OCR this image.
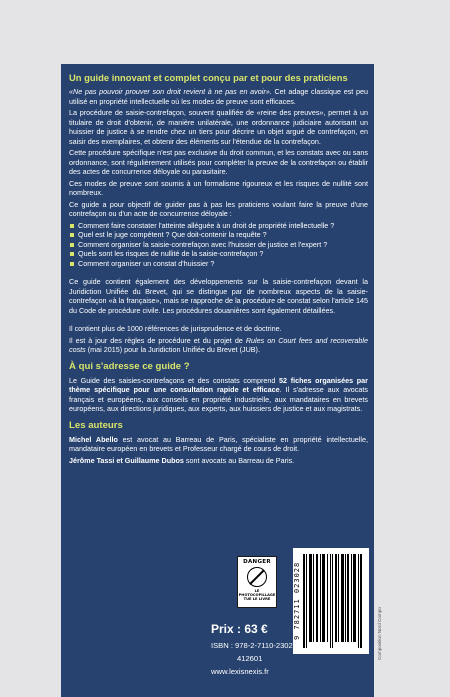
Un guide innovant et complet conçu par et pour des praticiens

«Ne pas pouvoir prouver son droit revient à ne pas en avoir». Cet adage classique est peu utilisé en propriété intellectuelle où les modes de preuve sont efficaces.

La procédure de saisie-contrefaçon, souvent qualifiée de «reine des preuves», permet à un titulaire de droit d'obtenir, de manière unilatérale, une ordonnance judiciaire autorisant un huissier de justice à se rendre chez un tiers pour décrire un objet argué de contrefaçon, en saisir des exemplaires, et obtenir des éléments sur l'étendue de la contrefaçon.

Cette procédure spécifique n'est pas exclusive du droit commun, et les constats avec ou sans ordonnance, sont régulièrement utilisés pour compléter la preuve de la contrefaçon ou établir des actes de concurrence déloyale ou parasitaire.

Ces modes de preuve sont soumis à un formalisme rigoureux et les risques de nullité sont nombreux.

Ce guide a pour objectif de guider pas à pas les praticiens voulant faire la preuve d'une contrefaçon ou d'un acte de concurrence déloyale :

Comment faire constater l'atteinte alléguée à un droit de propriété intellectuelle ?
Quel est le juge compétent ? Que doit-contenir la requête ?
Comment organiser la saisie-contrefaçon avec l'huissier de justice et l'expert ?
Quels sont les risques de nullité de la saisie-contrefaçon ?
Comment organiser un constat d'huissier ?

Ce guide contient également des développements sur la saisie-contrefaçon devant la Juridiction Unifiée du Brevet, qui se distingue par de nombreux aspects de la saisie-contrefaçon «à la française», mais se rapproche de la procédure de constat selon l'article 145 du Code de procédure civile. Les procédures douanières sont également détaillées.

Il contient plus de 1000 références de jurisprudence et de doctrine.

Il est à jour des règles de procédure et du projet de Rules on Court fees and recoverable costs (mai 2015) pour la Juridiction Unifiée du Brevet (JUB).

À qui s'adresse ce guide ?

Le Guide des saisies-contrefaçons et des constats comprend 52 fiches organisées par thème spécifique pour une consultation rapide et efficace. Il s'adresse aux avocats français et européens, aux conseils en propriété industrielle, aux mandataires en brevets européens, aux directions juridiques, aux experts, aux huissiers de justice et aux magistrats.

Les auteurs

Michel Abello est avocat au Barreau de Paris, spécialiste en propriété intellectuelle, mandataire européen en brevets et Professeur chargé de cours de droit.

Jérôme Tassi et Guillaume Dubos sont avocats au Barreau de Paris.

DANGER
LE PHOTOCOPILLAGE TUE LE LIVRE	9 782711 023028
Prix : 63 €
ISBN : 978-2-7110-2302-8
412601
www.lexisnexis.fr
Composition Nord Compo
